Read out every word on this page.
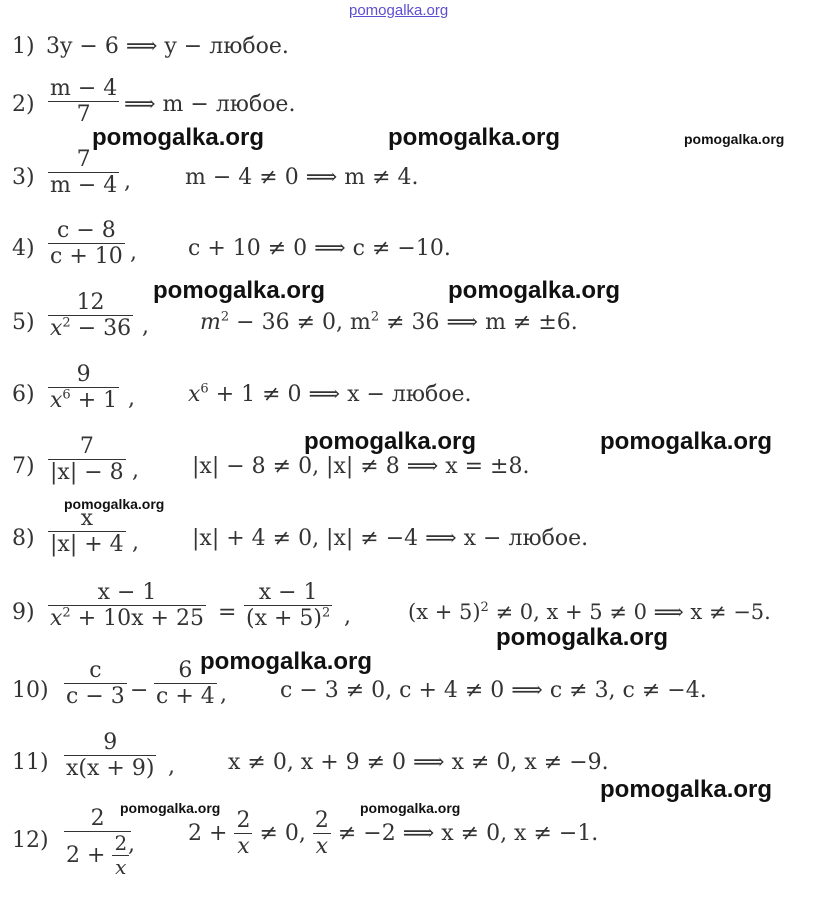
pomogalka.org
1) 3y − 6 ⟹ y − любое.
$2) \frac{m - 4}{7}$ ⟹ m − любое.
$3) \frac{7}{m - 4}$ , m − 4 ≠ 0 ⟹ m ≠ 4.
$4) \frac{c - 8}{c + 10}$ , c + 10 ≠ 0 ⟹ c ≠ −10.
$5) \frac{12}{x^2 - 36}$ , $m^2 - 36 \ne 0$, $m^2 \ne 36$ ⟹ m ≠ ±6.
$6) \frac{9}{x^6 + 1}$ , $x^6 + 1 \ne 0$ ⟹ x − любое.
$7) \frac{7}{|x| - 8}$ , |x| − 8 ≠ 0, |x| ≠ 8 ⟹ x = ±8.
$8) \frac{x}{|x| + 4}$ , |x| + 4 ≠ 0, |x| ≠ −4 ⟹ x − любое.
$9) \frac{x - 1}{x^2 + 10x + 25} = \frac{x - 1}{(x + 5)^2}$ ,	$(x + 5)^2 \ne 0$, x + 5 ≠ 0 ⟹ x ≠ −5.
$10) \frac{c}{c - 3} - \frac{6}{c + 4}$ , c − 3 ≠ 0, c + 4 ≠ 0 ⟹ c ≠ 3, c ≠ −4.
$11) \frac{9}{x(x + 9)}$ , x ≠ 0, x + 9 ≠ 0 ⟹ x ≠ 0, x ≠ −9.
$12) \frac{2}{2 + \frac{2}{x}}$
, $2 + \frac{2}{x} \ne 0$, $\frac{2}{x} \ne -2$ ⟹ x ≠ 0, x ≠ −1.
pomogalka.org	pomogalka.org	pomogalka.org
pomogalka.org	pomogalka.org
pomogalka.org	pomogalka.org
pomogalka.org
pomogalka.org
pomogalka.org
pomogalka.org
pomogalka.org	pomogalka.org
